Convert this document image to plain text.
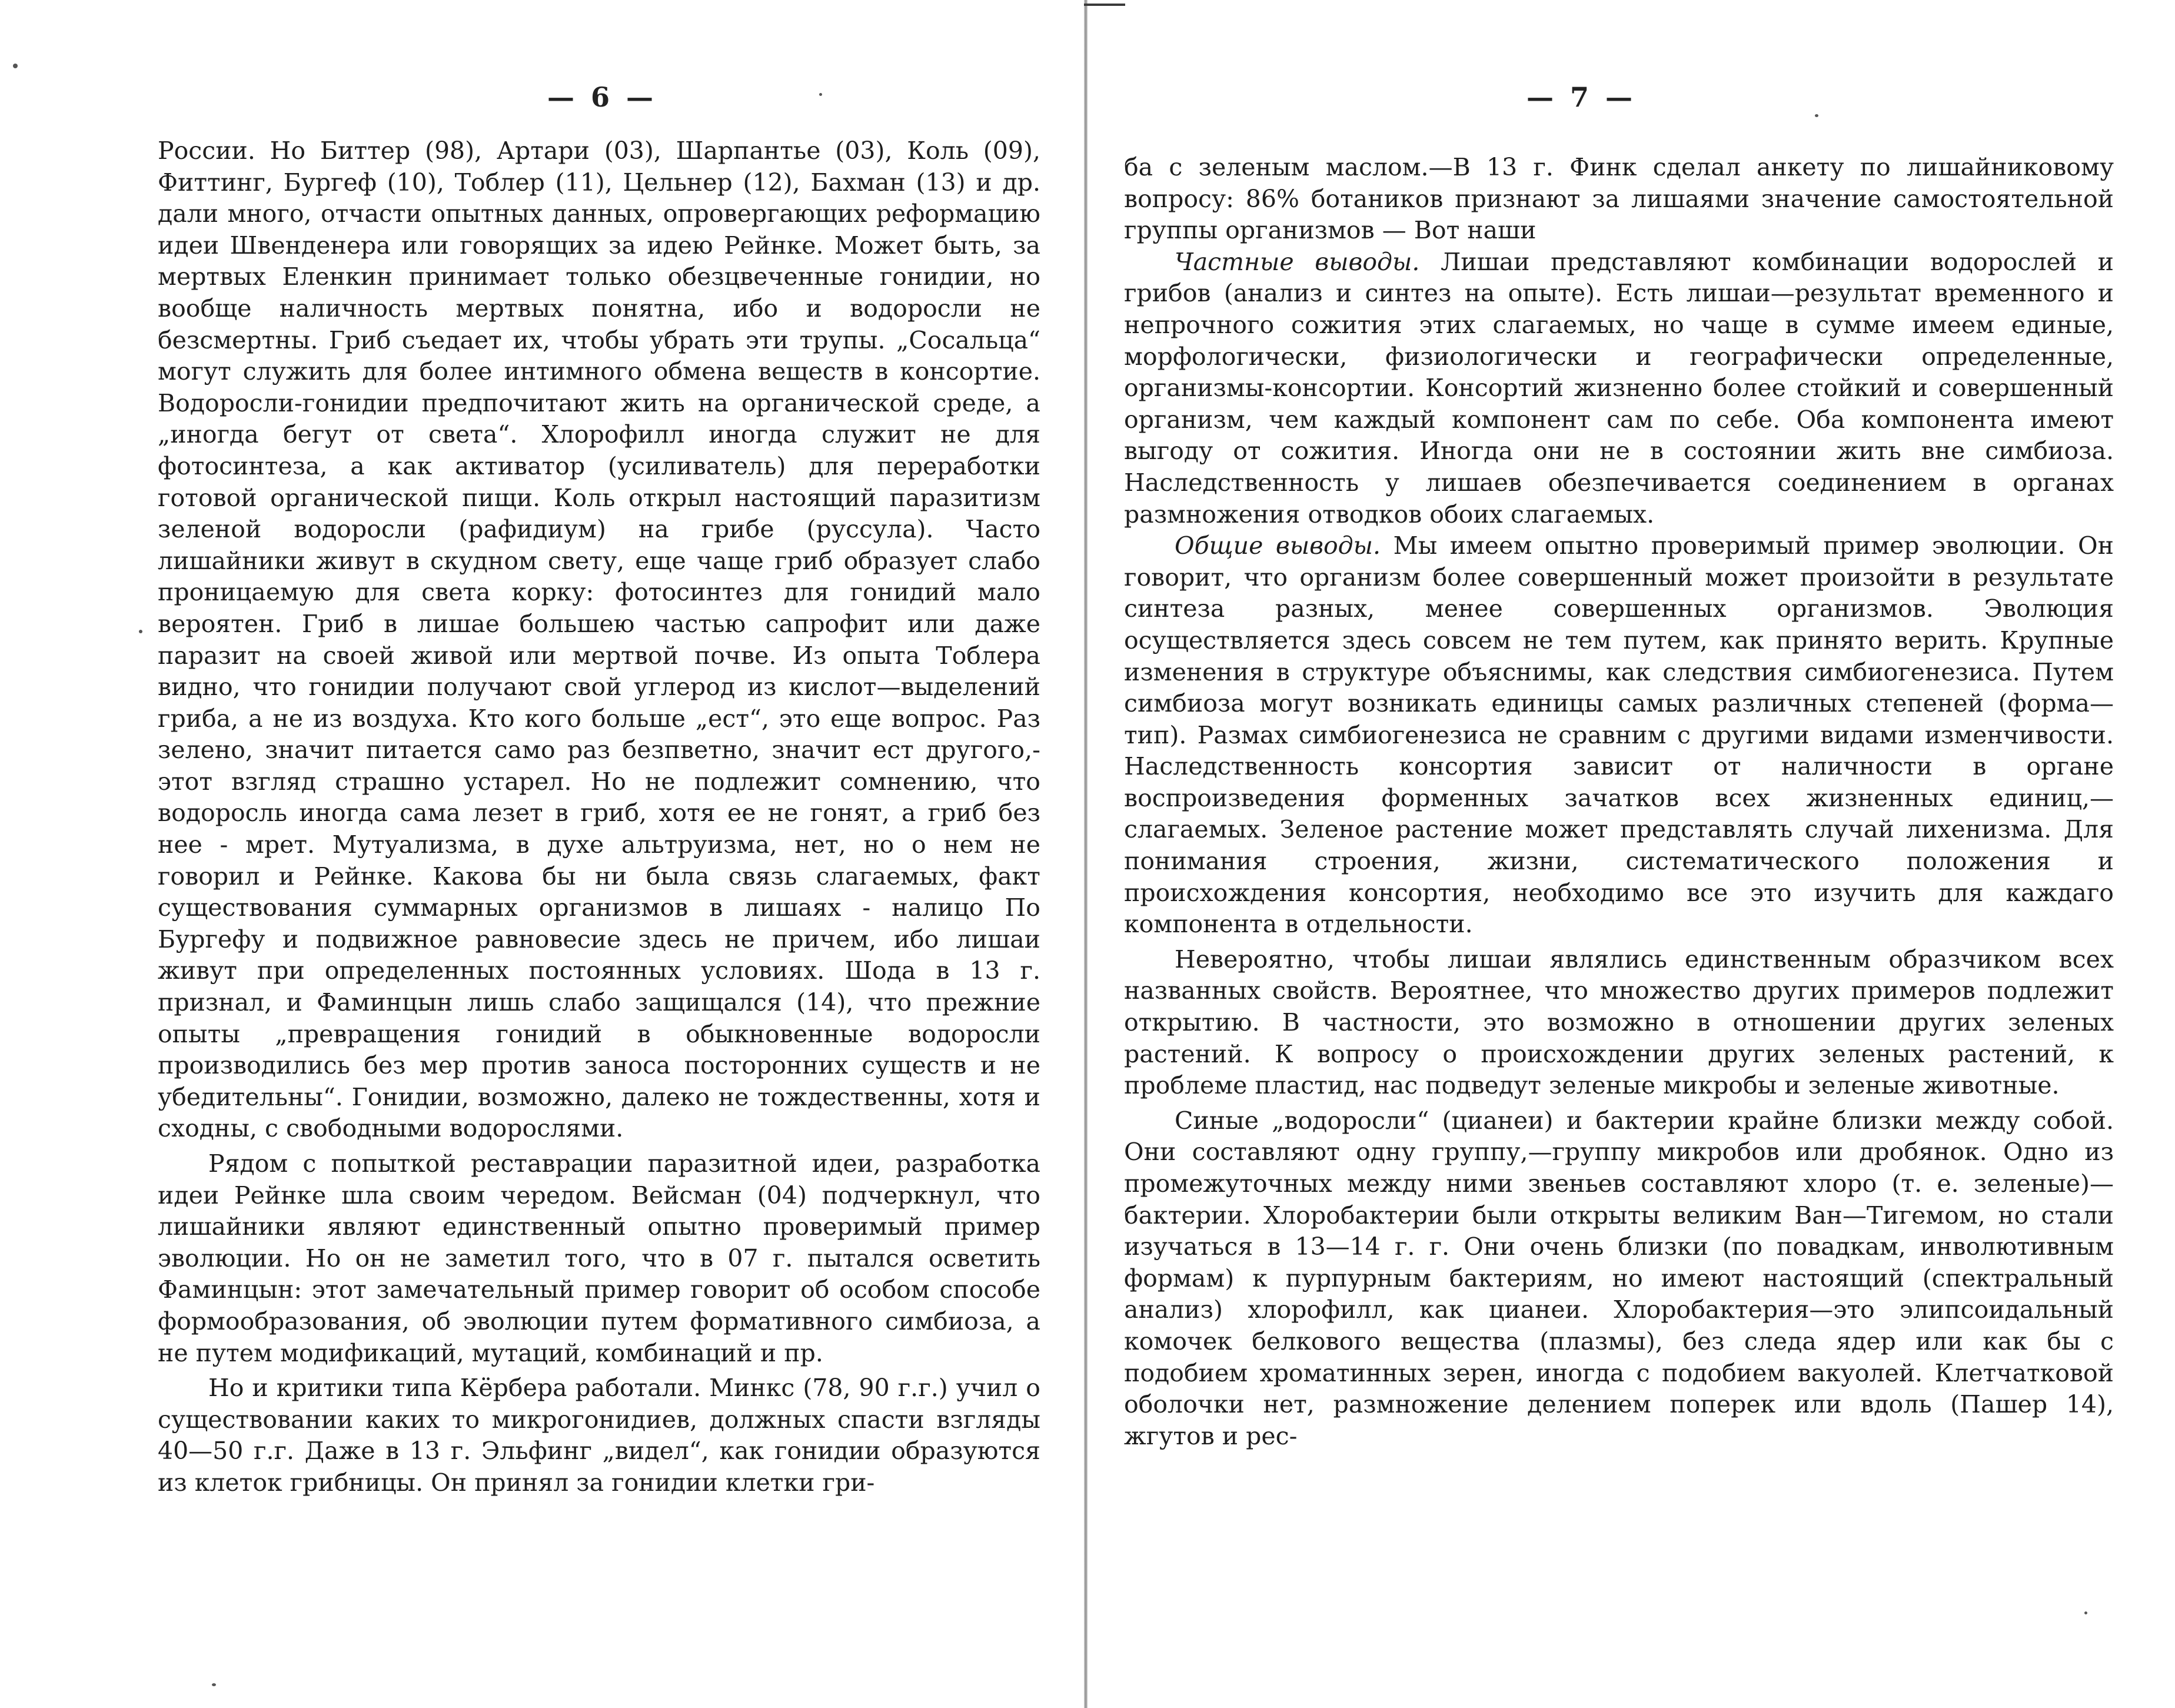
— 6 —

России. Но Биттер (98), Артари (03), Шарпантье (03), Коль (09), Фиттинг, Бургеф (10), Тоблер (11), Цельнер (12), Бахман (13) и др. дали много, отчасти опытных данных, опровергающих реформацию идеи Швенденера или говорящих за идею Рейнке. Может быть, за мертвых Еленкин принимает только обезцвеченные гонидии, но вообще наличность мертвых понятна, ибо и водоросли не безсмертны. Гриб съедает их, чтобы убрать эти трупы. „Сосальца“ могут служить для более интимного обмена веществ в консортие. Водоросли-гонидии предпочитают жить на органической среде, а „иногда бегут от света“. Хлорофилл иногда служит не для фотосинтеза, а как активатор (усиливатель) для переработки готовой органической пищи. Коль открыл настоящий паразитизм зеленой водоросли (рафидиум) на грибе (руссула). Часто лишайники живут в скудном свету, еще чаще гриб образует слабо проницаемую для света корку: фотосинтез для гонидий мало вероятен. Гриб в лишае большею частью сапрофит или даже паразит на своей живой или мертвой почве. Из опыта Тоблера видно, что гонидии получают свой углерод из кислот—выделений гриба, а не из воздуха. Кто кого больше „ест“, это еще вопрос. Раз зелено, значит питается само раз безпветно, значит ест другого,- этот взгляд страшно устарел. Но не подлежит сомнению, что водоросль иногда сама лезет в гриб, хотя ее не гонят, а гриб без нее - мрет. Мутуализма, в духе альтруизма, нет, но о нем не говорил и Рейнке. Какова бы ни была связь слагаемых, факт существования суммарных организмов в лишаях - налицо По Бургефу и подвижное равновесие здесь не причем, ибо лишаи живут при определенных постоянных условиях. Шода в 13 г. признал, и Фаминцын лишь слабо защищался (14), что прежние опыты „превращения гонидий в обыкновенные водоросли производились без мер против заноса посторонних существ и не убедительны“. Гонидии, возможно, далеко не тождественны, хотя и сходны, с свободными водорослями.

Рядом с попыткой реставрации паразитной идеи, разработка идеи Рейнке шла своим чередом. Вейсман (04) подчеркнул, что лишайники являют единственный опытно проверимый пример эволюции. Но он не заметил того, что в 07 г. пытался осветить Фаминцын: этот замечательный пример говорит об особом способе формообразования, об эволюции путем формативного симбиоза, а не путем модификаций, мутаций, комбинаций и пр.

Но и критики типа Кёрбера работали. Минкс (78, 90 г.г.) учил о существовании каких то микрогонидиев, должных спасти взгляды 40—50 г.г. Даже в 13 г. Эльфинг „видел“, как гонидии образуются из клеток грибницы. Он принял за гонидии клетки гри-

— 7 —

ба с зеленым маслом.—В 13 г. Финк сделал анкету по лишайниковому вопросу: 86% ботаников признают за лишаями значение самостоятельной группы организмов — Вот наши

Частные выводы. Лишаи представляют комбинации водорослей и грибов (анализ и синтез на опыте). Есть лишаи—результат временного и непрочного сожития этих слагаемых, но чаще в сумме имеем единые, морфологически, физиологически и географически определенные, организмы-консортии. Консортий жизненно более стойкий и совершенный организм, чем каждый компонент сам по себе. Оба компонента имеют выгоду от сожития. Иногда они не в состоянии жить вне симбиоза. Наследственность у лишаев обезпечивается соединением в органах размножения отводков обоих слагаемых.

Общие выводы. Мы имеем опытно проверимый пример эволюции. Он говорит, что организм более совершенный может произойти в результате синтеза разных, менее совершенных организмов. Эволюция осуществляется здесь совсем не тем путем, как принято верить. Крупные изменения в структуре объяснимы, как следствия симбиогенезиса. Путем симбиоза могут возникать единицы самых различных степеней (форма—тип). Размах симбиогенезиса не сравним с другими видами изменчивости. Наследственность консортия зависит от наличности в органе воспроизведения форменных зачатков всех жизненных единиц,—слагаемых. Зеленое растение может представлять случай лихенизма. Для понимания строения, жизни, систематического положения и происхождения консортия, необходимо все это изучить для каждаго компонента в отдельности.

Невероятно, чтобы лишаи являлись единственным образчиком всех названных свойств. Вероятнее, что множество других примеров подлежит открытию. В частности, это возможно в отношении других зеленых растений. К вопросу о происхождении других зеленых растений, к проблеме пластид, нас подведут зеленые микробы и зеленые животные.

Синые „водоросли“ (цианеи) и бактерии крайне близки между собой. Они составляют одну группу,—группу микробов или дробянок. Одно из промежуточных между ними звеньев составляют хлоро (т. е. зеленые)—бактерии. Хлоробактерии были открыты великим Ван—Тигемом, но стали изучаться в 13—14 г. г. Они очень близки (по повадкам, инволютивным формам) к пурпурным бактериям, но имеют настоящий (спектральный анализ) хлорофилл, как цианеи. Хлоробактерия—это элипсоидальный комочек белкового вещества (плазмы), без следа ядер или как бы с подобием хроматинных зерен, иногда с подобием вакуолей. Клетчатковой оболочки нет, размножение делением поперек или вдоль (Пашер 14), жгутов и рес-
